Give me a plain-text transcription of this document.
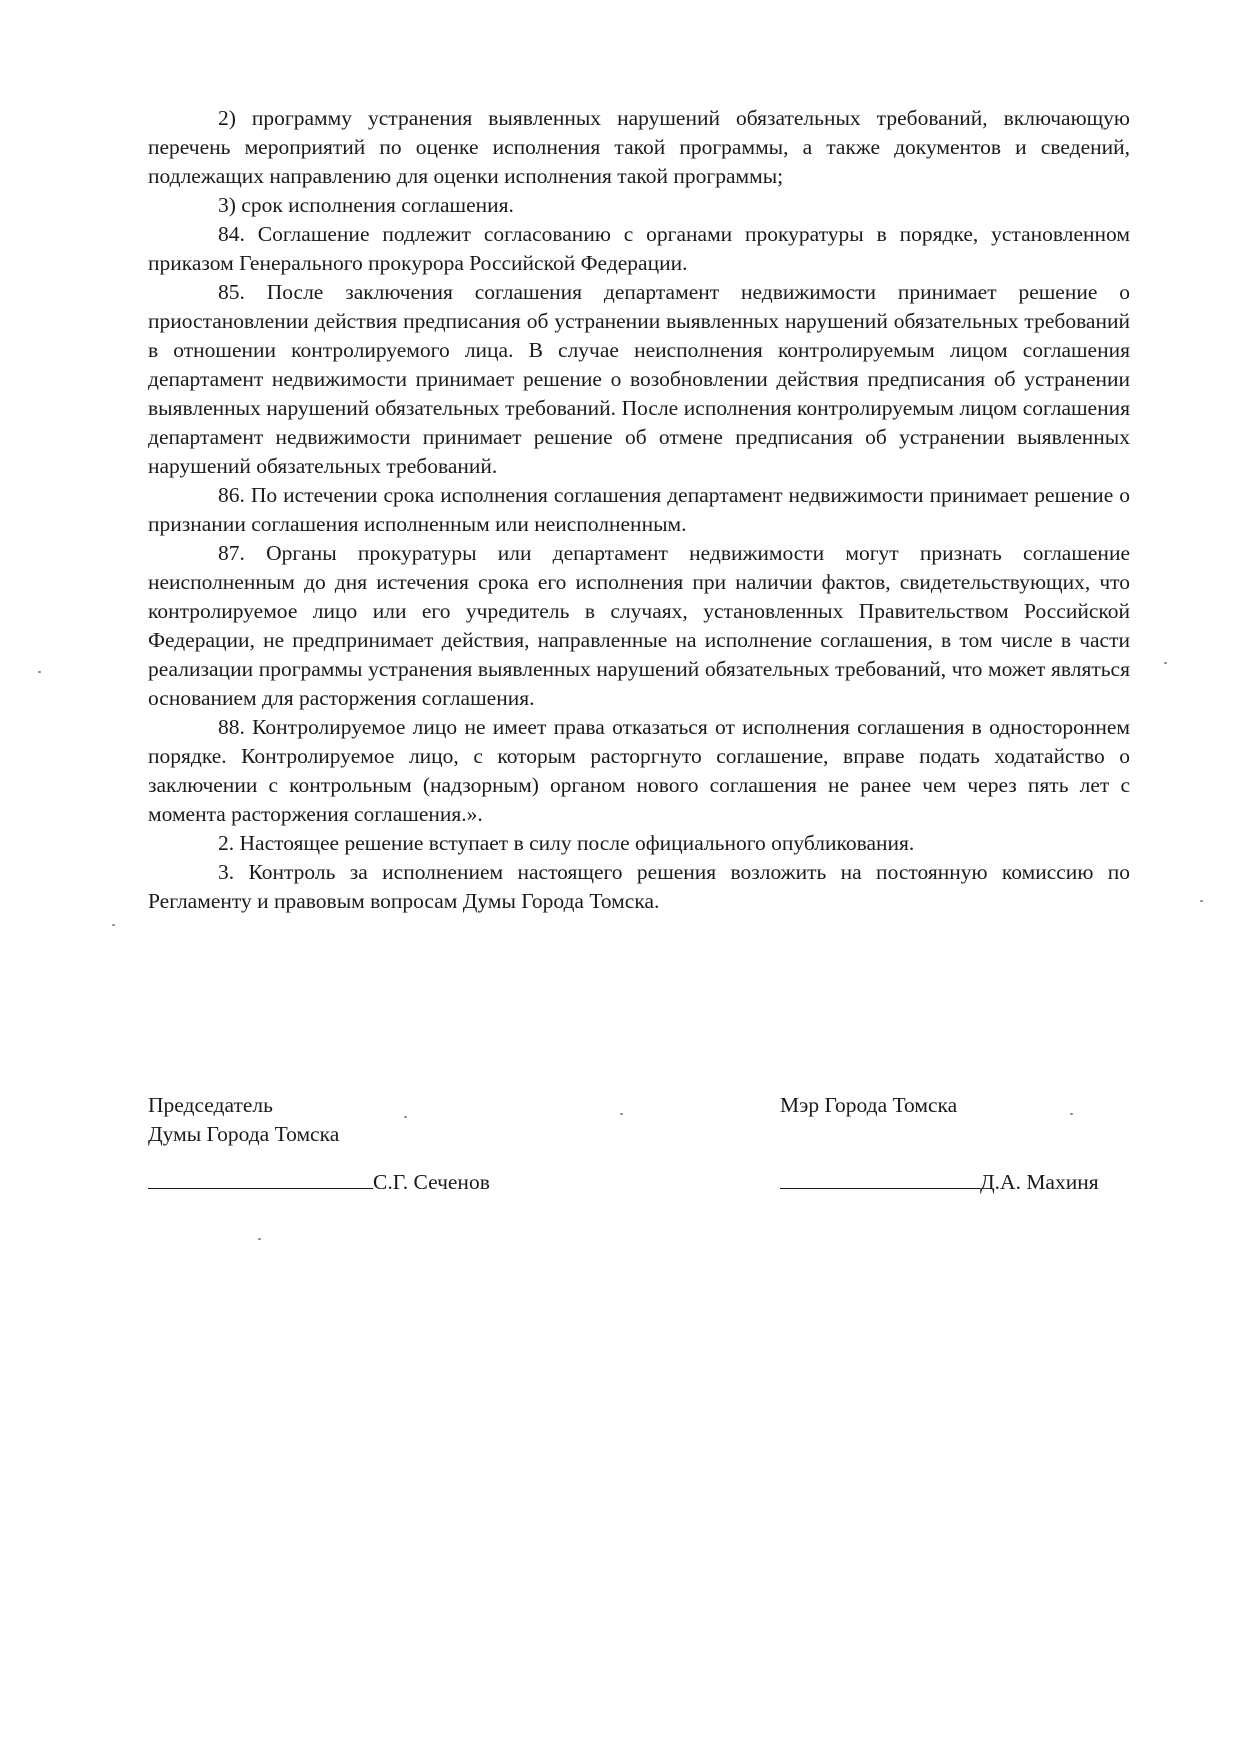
2) программу устранения выявленных нарушений обязательных требований, включающую перечень мероприятий по оценке исполнения такой программы, а также документов и сведений, подлежащих направлению для оценки исполнения такой программы;

3) срок исполнения соглашения.

84. Соглашение подлежит согласованию с органами прокуратуры в порядке, установленном приказом Генерального прокурора Российской Федерации.

85. После заключения соглашения департамент недвижимости принимает решение о приостановлении действия предписания об устранении выявленных нарушений обязательных требований в отношении контролируемого лица. В случае неисполнения контролируемым лицом соглашения департамент недвижимости принимает решение о возобновлении действия предписания об устранении выявленных нарушений обязательных требований. После исполнения контролируемым лицом соглашения департамент недвижимости принимает решение об отмене предписания об устранении выявленных нарушений обязательных требований.

86. По истечении срока исполнения соглашения департамент недвижимости принимает решение о признании соглашения исполненным или неисполненным.

87. Органы прокуратуры или департамент недвижимости могут признать соглашение неисполненным до дня истечения срока его исполнения при наличии фактов, свидетельствующих, что контролируемое лицо или его учредитель в случаях, установленных Правительством Российской Федерации, не предпринимает действия, направленные на исполнение соглашения, в том числе в части реализации программы устранения выявленных нарушений обязательных требований, что может являться основанием для расторжения соглашения.

88. Контролируемое лицо не имеет права отказаться от исполнения соглашения в одностороннем порядке. Контролируемое лицо, с которым расторгнуто соглашение, вправе подать ходатайство о заключении с контрольным (надзорным) органом нового соглашения не ранее чем через пять лет с момента расторжения соглашения.».

2. Настоящее решение вступает в силу после официального опубликования.

3. Контроль за исполнением настоящего решения возложить на постоянную комиссию по Регламенту и правовым вопросам Думы Города Томска.

Председатель
Думы Города Томска
С.Г. Сеченов
Мэр Города Томска
Д.А. Махиня
